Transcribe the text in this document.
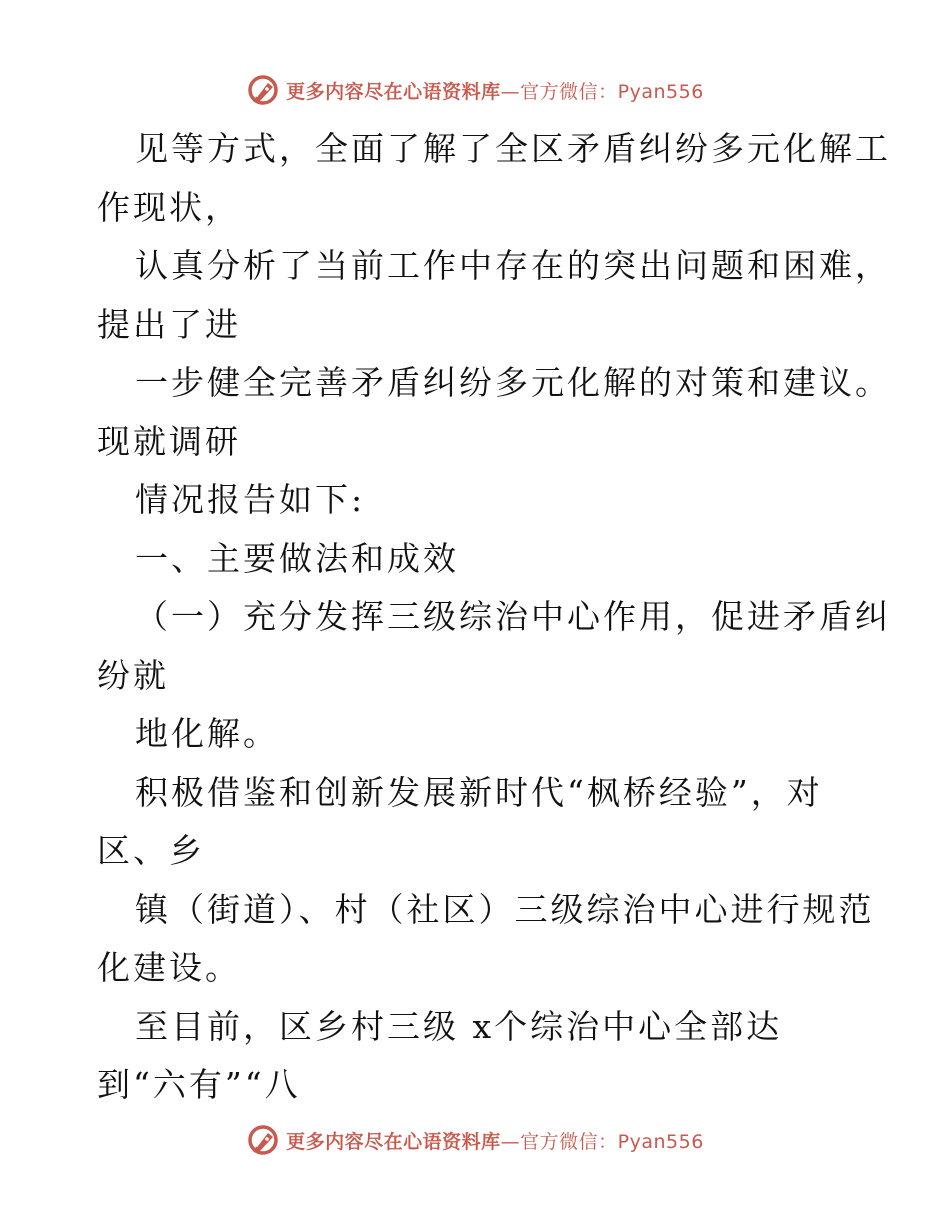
更多内容尽在心语资料库—官方微信：Pyan556
见等方式，全面了解了全区矛盾纠纷多元化解工
作现状，
认真分析了当前工作中存在的突出问题和困难，
提出了进
一步健全完善矛盾纠纷多元化解的对策和建议。
现就调研
情况报告如下:
一、主要做法和成效
（一）充分发挥三级综治中心作用，促进矛盾纠
纷就
地化解。
积极借鉴和创新发展新时代“枫桥经验”，对
区、乡
镇（街道）、村（社区）三级综治中心进行规范
化建设。
至目前，区乡村三级 x个综治中心全部达
到“六有”“八
更多内容尽在心语资料库—官方微信：Pyan556
